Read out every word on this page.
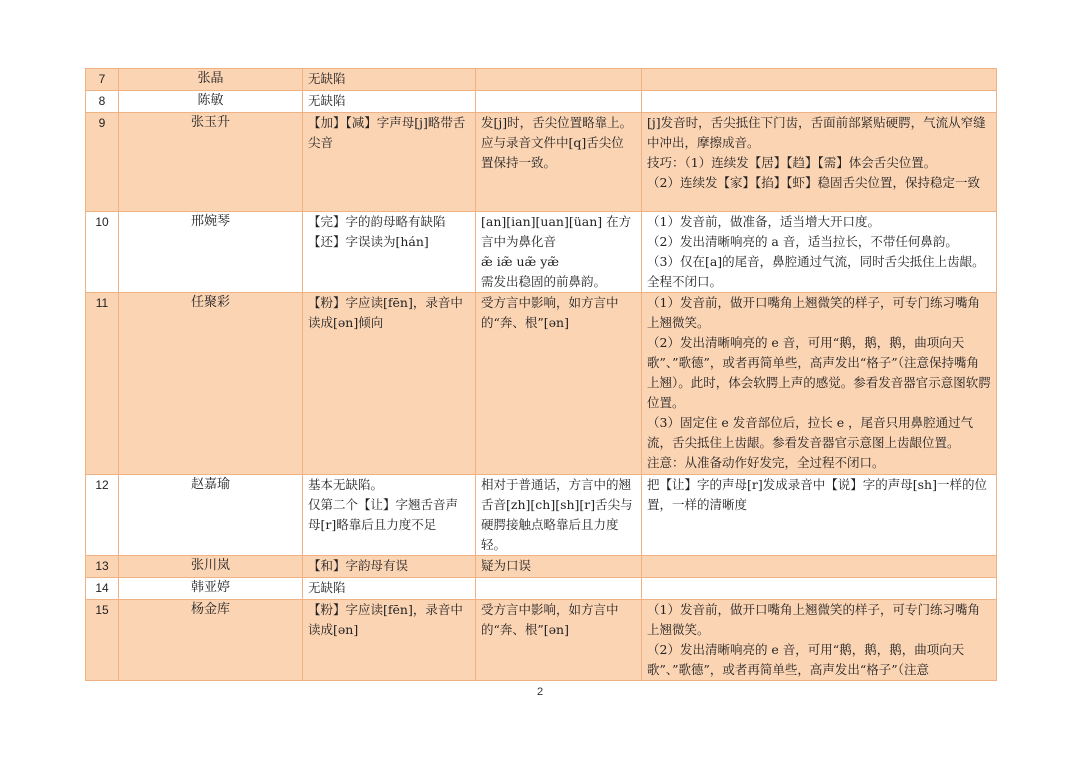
7	张晶	无缺陷		

8	陈敏	无缺陷		

9	张玉升	【加】【减】字声母[j]略带舌尖音	发[j]时，舌尖位置略靠上。应与录音文件中[q]舌尖位置保持一致。	[j]发音时，舌尖抵住下门齿，舌面前部紧贴硬腭，气流从窄缝中冲出，摩擦成音。
技巧：（1）连续发【居】【趋】【需】体会舌尖位置。
（2）连续发【家】【掐】【虾】稳固舌尖位置，保持稳定一致

10	邢婉琴	【完】字的韵母略有缺陷
【还】字误读为[hán]	[an][ian][uan][üan] 在方言中为鼻化音
æ̃ iæ̃ uæ̃ yæ̃
需发出稳固的前鼻韵。	（1）发音前，做准备，适当增大开口度。
（2）发出清晰响亮的 a 音，适当拉长，不带任何鼻韵。
（3）仅在[a]的尾音，鼻腔通过气流，同时舌尖抵住上齿龈。全程不闭口。

11	任聚彩	【粉】字应读[fēn]，录音中读成[ən]倾向	受方言中影响，如方言中的“奔、根”[ən]	（1）发音前，做开口嘴角上翘微笑的样子，可专门练习嘴角上翘微笑。
（2）发出清晰响亮的 e 音，可用“鹅，鹅，鹅，曲项向天歌”、”歌德”，或者再简单些，高声发出“格子”（注意保持嘴角上翘）。此时，体会软腭上声的感觉。参看发音器官示意图软腭位置。
（3）固定住 e 发音部位后，拉长 e ，尾音只用鼻腔通过气流，舌尖抵住上齿龈。参看发音器官示意图上齿龈位置。
注意：从准备动作好发完，全过程不闭口。

12	赵嘉瑜	基本无缺陷。
仅第二个【让】字翘舌音声母[r]略靠后且力度不足	相对于普通话，方言中的翘舌音[zh][ch][sh][r]舌尖与硬腭接触点略靠后且力度轻。	把【让】字的声母[r]发成录音中【说】字的声母[sh]一样的位置，一样的清晰度

13	张川岚	【和】字韵母有误	疑为口误	

14	韩亚婷	无缺陷		

15	杨金库	【粉】字应读[fēn]，录音中读成[ən]	受方言中影响，如方言中的“奔、根”[ən]	（1）发音前，做开口嘴角上翘微笑的样子，可专门练习嘴角上翘微笑。
（2）发出清晰响亮的 e 音，可用“鹅，鹅，鹅，曲项向天歌”、”歌德”，或者再简单些，高声发出“格子”（注意
2
